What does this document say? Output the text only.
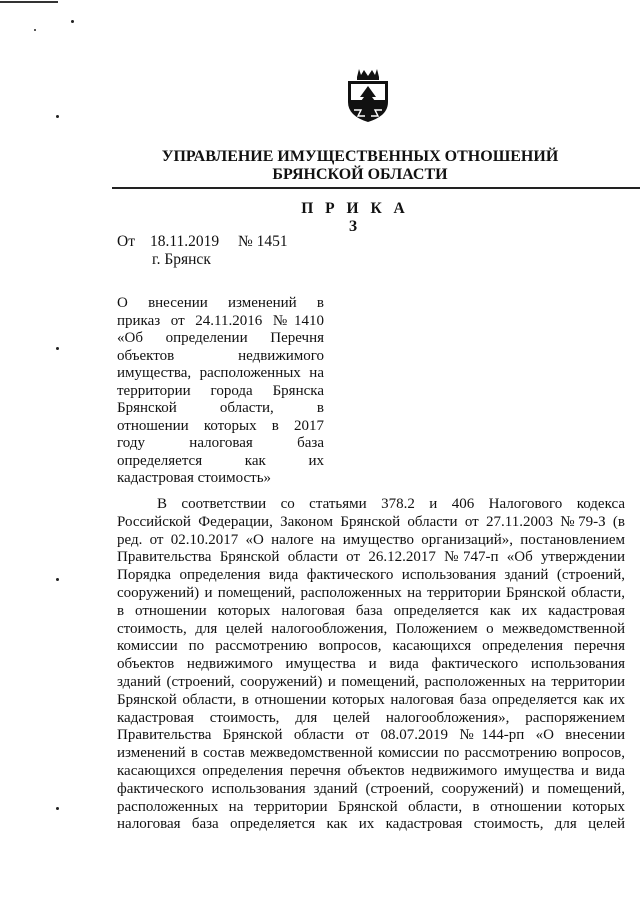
УПРАВЛЕНИЕ ИМУЩЕСТВЕННЫХ ОТНОШЕНИЙ
БРЯНСКОЙ ОБЛАСТИ
П Р И К А З
От 18.11.2019 № 1451
г. Брянск
О внесении изменений в
приказ от 24.11.2016 №1410
«Об определении Перечня
объектов недвижимого
имущества, расположенных на
территории города Брянска
Брянской области, в
отношении которых в 2017
году налоговая база
определяется как их
кадастровая стоимость»
В соответствии со статьями 378.2 и 406 Налогового кодекса
Российской Федерации, Законом Брянской области от 27.11.2003 №79-З (в
ред. от 02.10.2017 «О налоге на имущество организаций», постановлением
Правительства Брянской области от 26.12.2017 №747-п «Об утверждении
Порядка определения вида фактического использования зданий (строений,
сооружений) и помещений, расположенных на территории Брянской области,
в отношении которых налоговая база определяется как их кадастровая
стоимость, для целей налогообложения, Положением о межведомственной
комиссии по рассмотрению вопросов, касающихся определения перечня
объектов недвижимого имущества и вида фактического использования
зданий (строений, сооружений) и помещений, расположенных на территории
Брянской области, в отношении которых налоговая база определяется как их
кадастровая стоимость, для целей налогообложения», распоряжением
Правительства Брянской области от 08.07.2019 №144-рп «О внесении
изменений в состав межведомственной комиссии по рассмотрению вопросов,
касающихся определения перечня объектов недвижимого имущества и вида
фактического использования зданий (строений, сооружений) и помещений,
расположенных на территории Брянской области, в отношении которых
налоговая база определяется как их кадастровая стоимость, для целей
